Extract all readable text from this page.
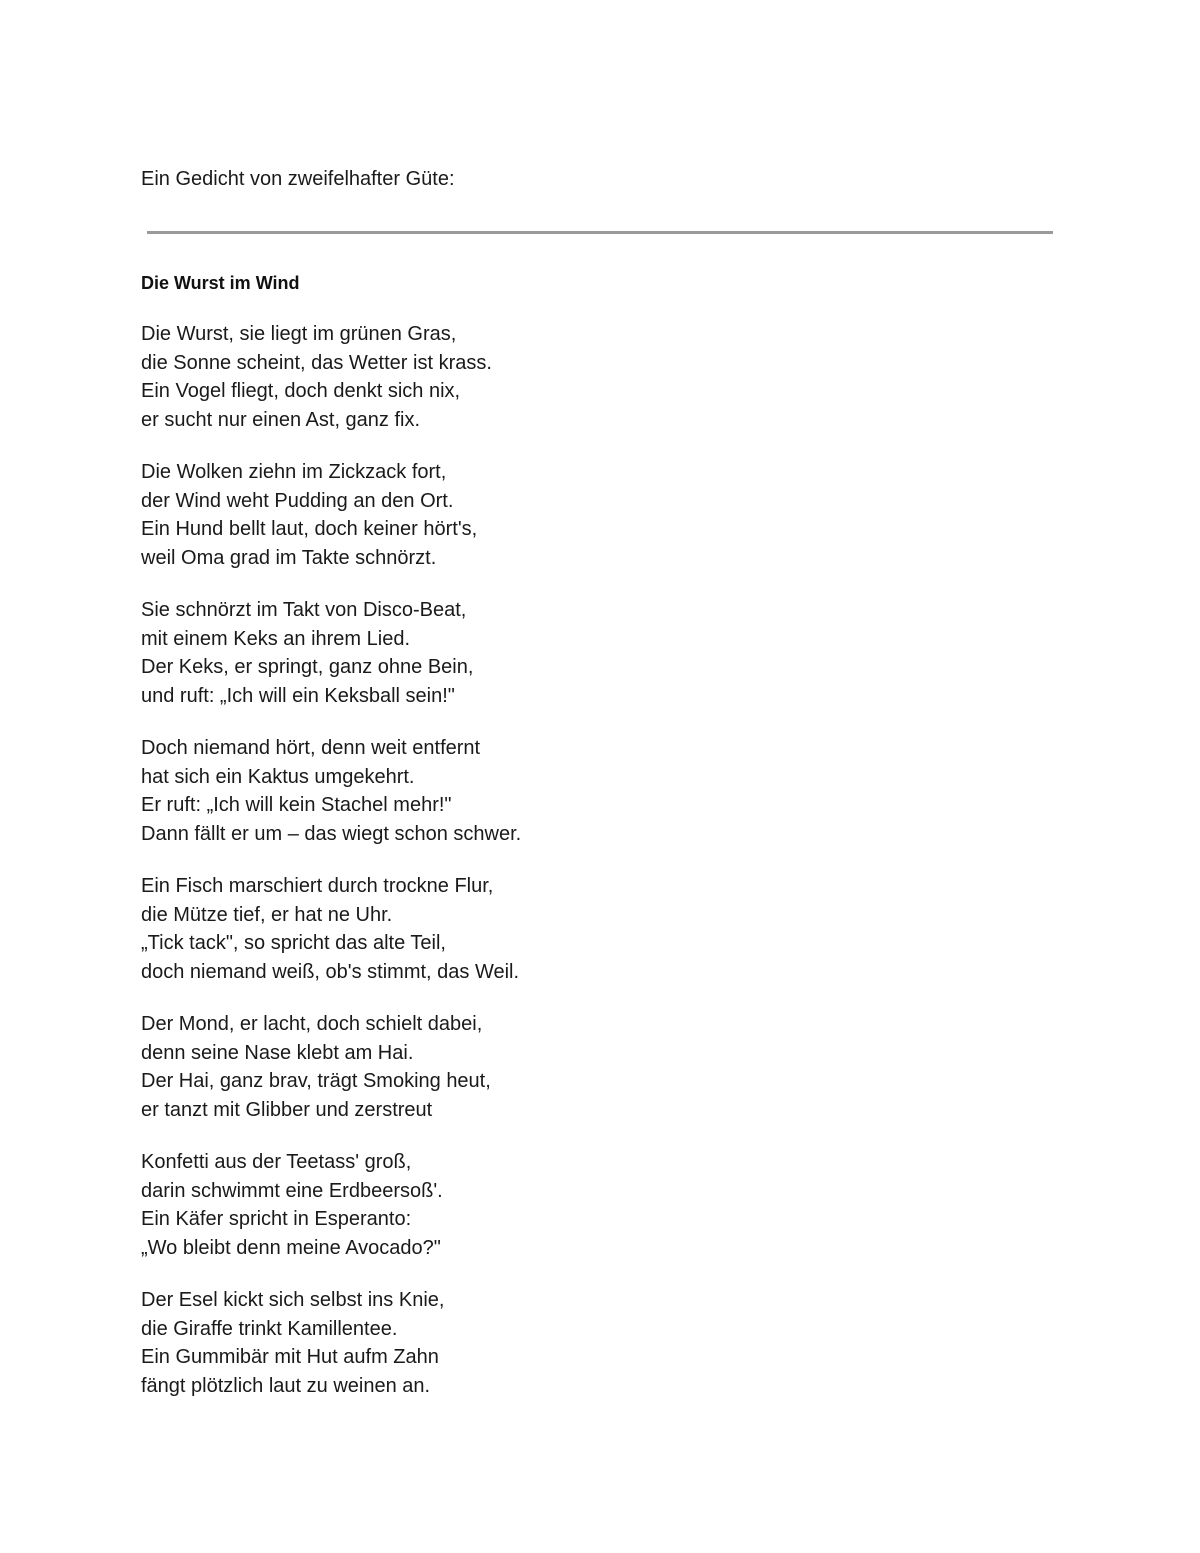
Ein Gedicht von zweifelhafter Güte:

Die Wurst im Wind
Die Wurst, sie liegt im grünen Gras,
die Sonne scheint, das Wetter ist krass.
Ein Vogel fliegt, doch denkt sich nix,
er sucht nur einen Ast, ganz fix.
Die Wolken ziehn im Zickzack fort,
der Wind weht Pudding an den Ort.
Ein Hund bellt laut, doch keiner hört's,
weil Oma grad im Takte schnörzt.
Sie schnörzt im Takt von Disco-Beat,
mit einem Keks an ihrem Lied.
Der Keks, er springt, ganz ohne Bein,
und ruft: „Ich will ein Keksball sein!"
Doch niemand hört, denn weit entfernt
hat sich ein Kaktus umgekehrt.
Er ruft: „Ich will kein Stachel mehr!"
Dann fällt er um – das wiegt schon schwer.
Ein Fisch marschiert durch trockne Flur,
die Mütze tief, er hat ne Uhr.
„Tick tack", so spricht das alte Teil,
doch niemand weiß, ob's stimmt, das Weil.
Der Mond, er lacht, doch schielt dabei,
denn seine Nase klebt am Hai.
Der Hai, ganz brav, trägt Smoking heut,
er tanzt mit Glibber und zerstreut
Konfetti aus der Teetass' groß,
darin schwimmt eine Erdbeersoß'.
Ein Käfer spricht in Esperanto:
„Wo bleibt denn meine Avocado?"
Der Esel kickt sich selbst ins Knie,
die Giraffe trinkt Kamillentee.
Ein Gummibär mit Hut aufm Zahn
fängt plötzlich laut zu weinen an.
